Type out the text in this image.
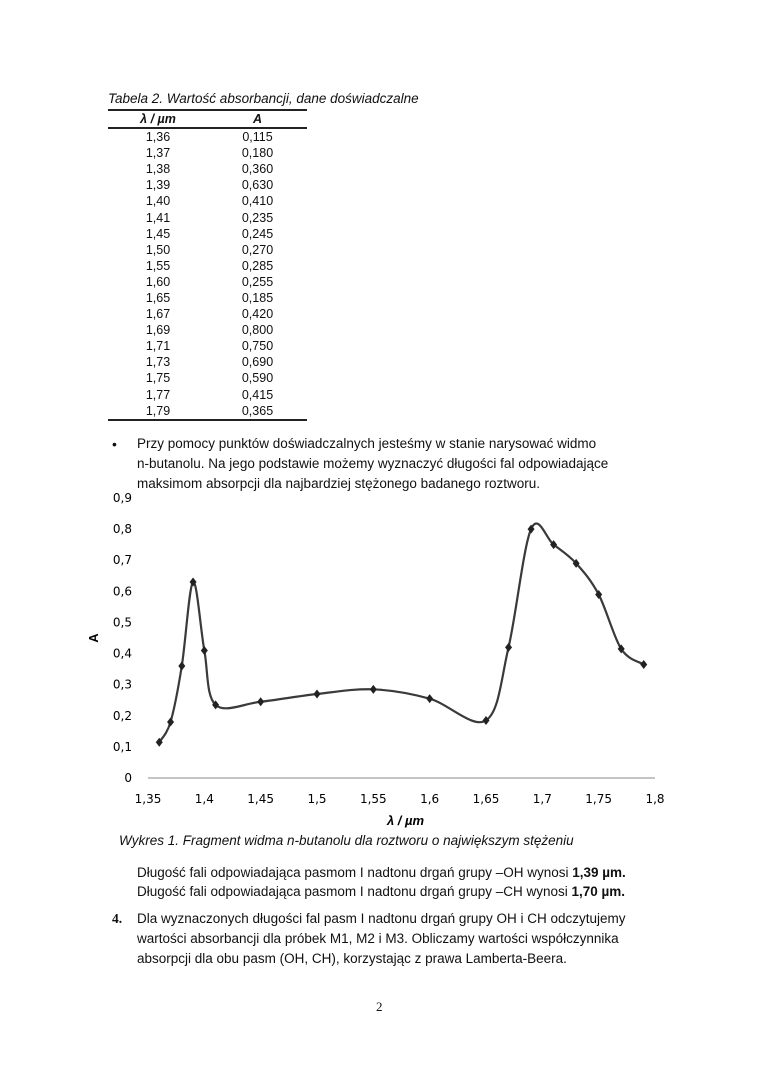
Tabela 2. Wartość absorbancji, dane doświadczalne
λ / µm	A
1,36	0,115
1,37	0,180
1,38	0,360
1,39	0,630
1,40	0,410
1,41	0,235
1,45	0,245
1,50	0,270
1,55	0,285
1,60	0,255
1,65	0,185
1,67	0,420
1,69	0,800
1,71	0,750
1,73	0,690
1,75	0,590
1,77	0,415
1,79	0,365
• Przy pomocy punktów doświadczalnych jesteśmy w stanie narysować widmo
n-butanolu. Na jego podstawie możemy wyznaczyć długości fal odpowiadające
maksimom absorpcji dla najbardziej stężonego badanego roztworu.
0
0,1
0,2
0,3
0,4
0,5
0,6
0,7
0,8
0,9
1,35	1,4	1,45	1,5	1,55	1,6	1,65	1,7	1,75	1,8
A
λ / µm
Wykres 1. Fragment widma n-butanolu dla roztworu o największym stężeniu
Długość fali odpowiadająca pasmom I nadtonu drgań grupy –OH wynosi 1,39 µm.
Długość fali odpowiadająca pasmom I nadtonu drgań grupy –CH wynosi 1,70 µm.
4. Dla wyznaczonych długości fal pasm I nadtonu drgań grupy OH i CH odczytujemy
wartości absorbancji dla próbek M1, M2 i M3. Obliczamy wartości współczynnika
absorpcji dla obu pasm (OH, CH), korzystając z prawa Lamberta-Beera.
2
